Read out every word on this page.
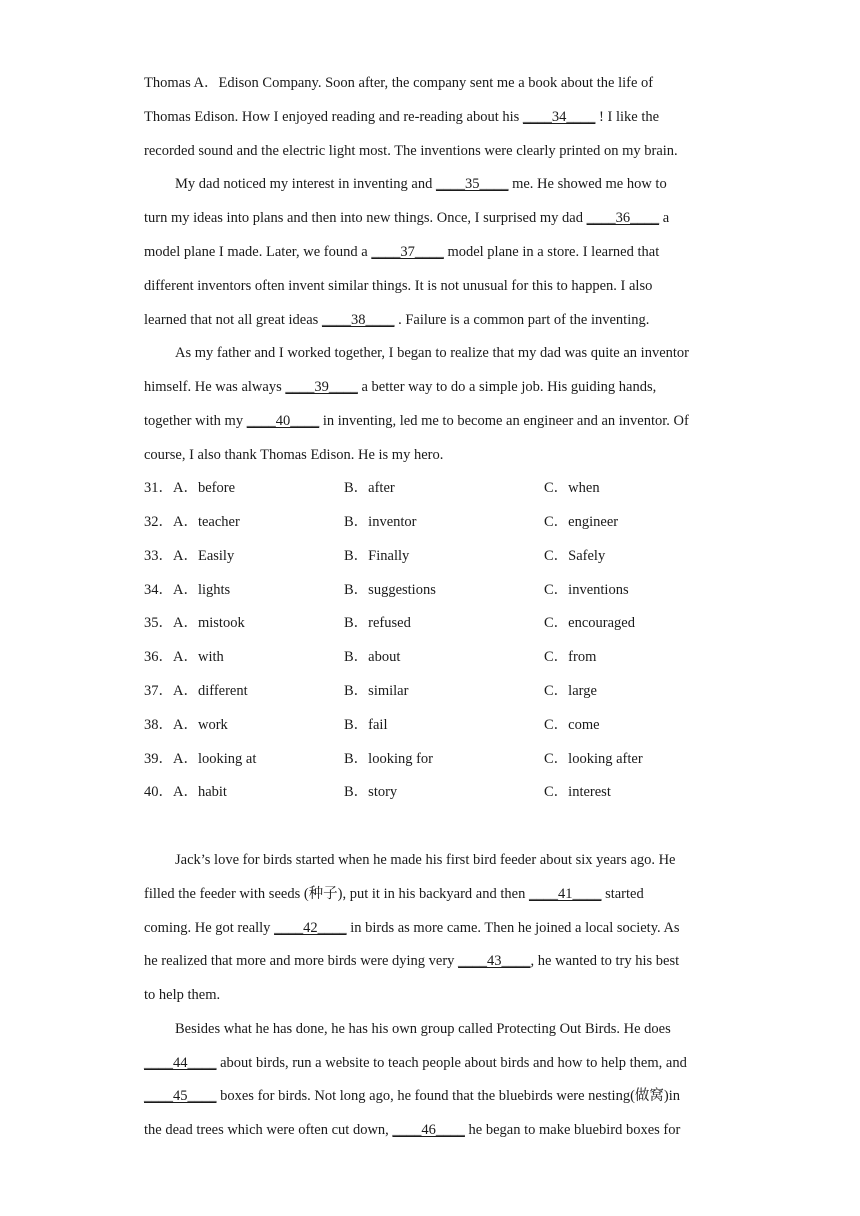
Thomas A．Edison Company. Soon after, the company sent me a book about the life of
Thomas Edison. How I enjoyed reading and re-reading about his ____34____ ! I like the
recorded sound and the electric light most. The inventions were clearly printed on my brain.
My dad noticed my interest in inventing and ____35____ me. He showed me how to
turn my ideas into plans and then into new things. Once, I surprised my dad ____36____ a
model plane I made. Later, we found a ____37____ model plane in a store. I learned that
different inventors often invent similar things. It is not unusual for this to happen. I also
learned that not all great ideas ____38____ . Failure is a common part of the inventing.
As my father and I worked together, I began to realize that my dad was quite an inventor
himself. He was always ____39____ a better way to do a simple job. His guiding hands,
together with my ____40____ in inventing, led me to become an engineer and an inventor. Of
course, I also thank Thomas Edison. He is my hero.
31．A．before	B．after	C．when
32．A．teacher	B．inventor	C．engineer
33．A．Easily	B．Finally	C．Safely
34．A．lights	B．suggestions	C．inventions
35．A．mistook	B．refused	C．encouraged
36．A．with	B．about	C．from
37．A．different	B．similar	C．large
38．A．work	B．fail	C．come
39．A．looking at	B．looking for	C．looking after
40．A．habit	B．story	C．interest
Jack’s love for birds started when he made his first bird feeder about six years ago. He
filled the feeder with seeds (种子), put it in his backyard and then ____41____ started
coming. He got really ____42____ in birds as more came. Then he joined a local society. As
he realized that more and more birds were dying very ____43____, he wanted to try his best
to help them.
Besides what he has done, he has his own group called Protecting Out Birds. He does
____44____ about birds, run a website to teach people about birds and how to help them, and
____45____ boxes for birds. Not long ago, he found that the bluebirds were nesting(做窝)in
the dead trees which were often cut down, ____46____ he began to make bluebird boxes for
